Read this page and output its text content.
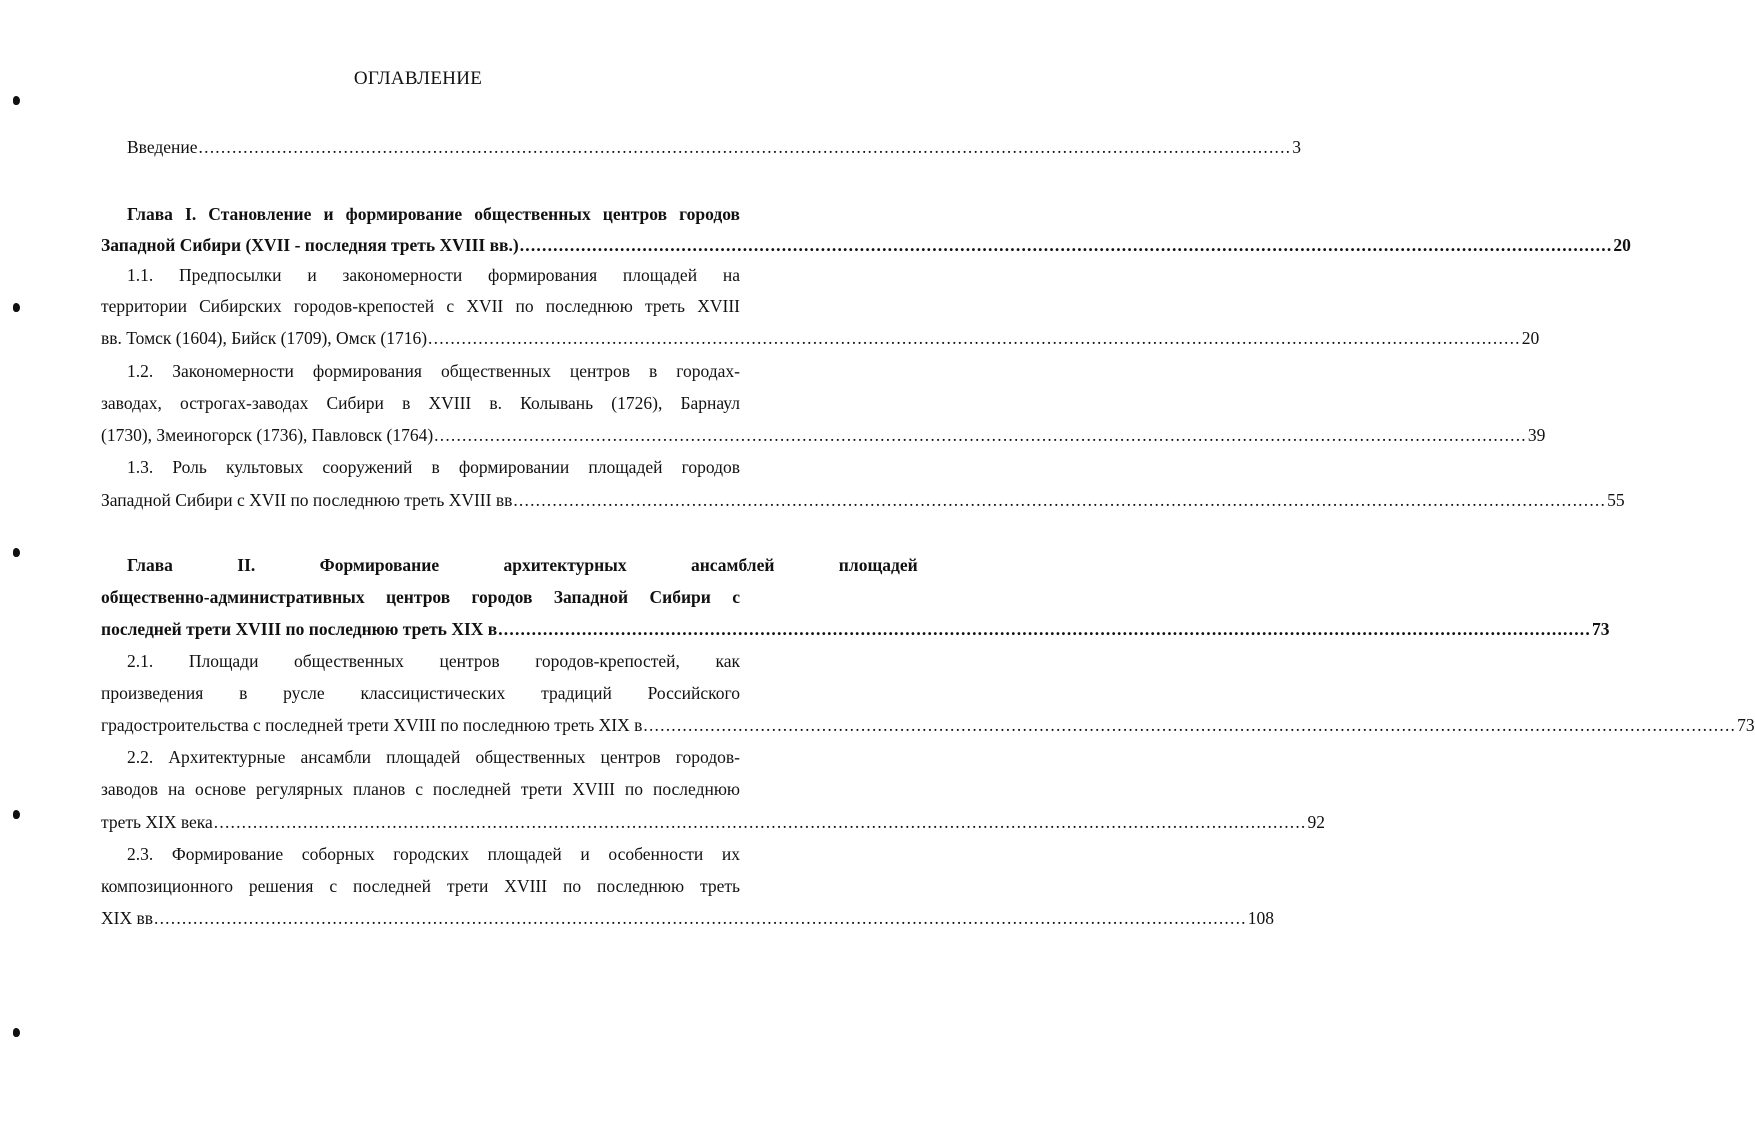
ОГЛАВЛЕНИЕ
Введение .....	3
Глава I. Становление и формирование общественных центров городов
Западной Сибири (XVII - последняя треть XVIII вв.) .....	20
1.1. Предпосылки и закономерности формирования площадей на
территории Сибирских городов-крепостей с XVII по последнюю треть XVIII
вв. Томск (1604), Бийск (1709), Омск (1716) .....	20
1.2. Закономерности формирования общественных центров в городах-
заводах, острогах-заводах Сибири в XVIII в. Колывань (1726), Барнаул
(1730), Змеиногорск (1736), Павловск (1764) .....	39
1.3. Роль культовых сооружений в формировании площадей городов
Западной Сибири с XVII по последнюю треть XVIII вв .....	55
Глава II. Формирование архитектурных ансамблей площадей
общественно-административных центров городов Западной Сибири с
последней трети XVIII по последнюю треть XIX в .....	73
2.1. Площади общественных центров городов-крепостей, как
произведения в русле классицистических традиций Российского
градостроительства с последней трети XVIII по последнюю треть XIX в .....	73
2.2. Архитектурные ансамбли площадей общественных центров городов-
заводов на основе регулярных планов с последней трети XVIII по последнюю
треть XIX века .....	92
2.3. Формирование соборных городских площадей и особенности их
композиционного решения с последней трети XVIII по последнюю треть
XIX вв .....	108
